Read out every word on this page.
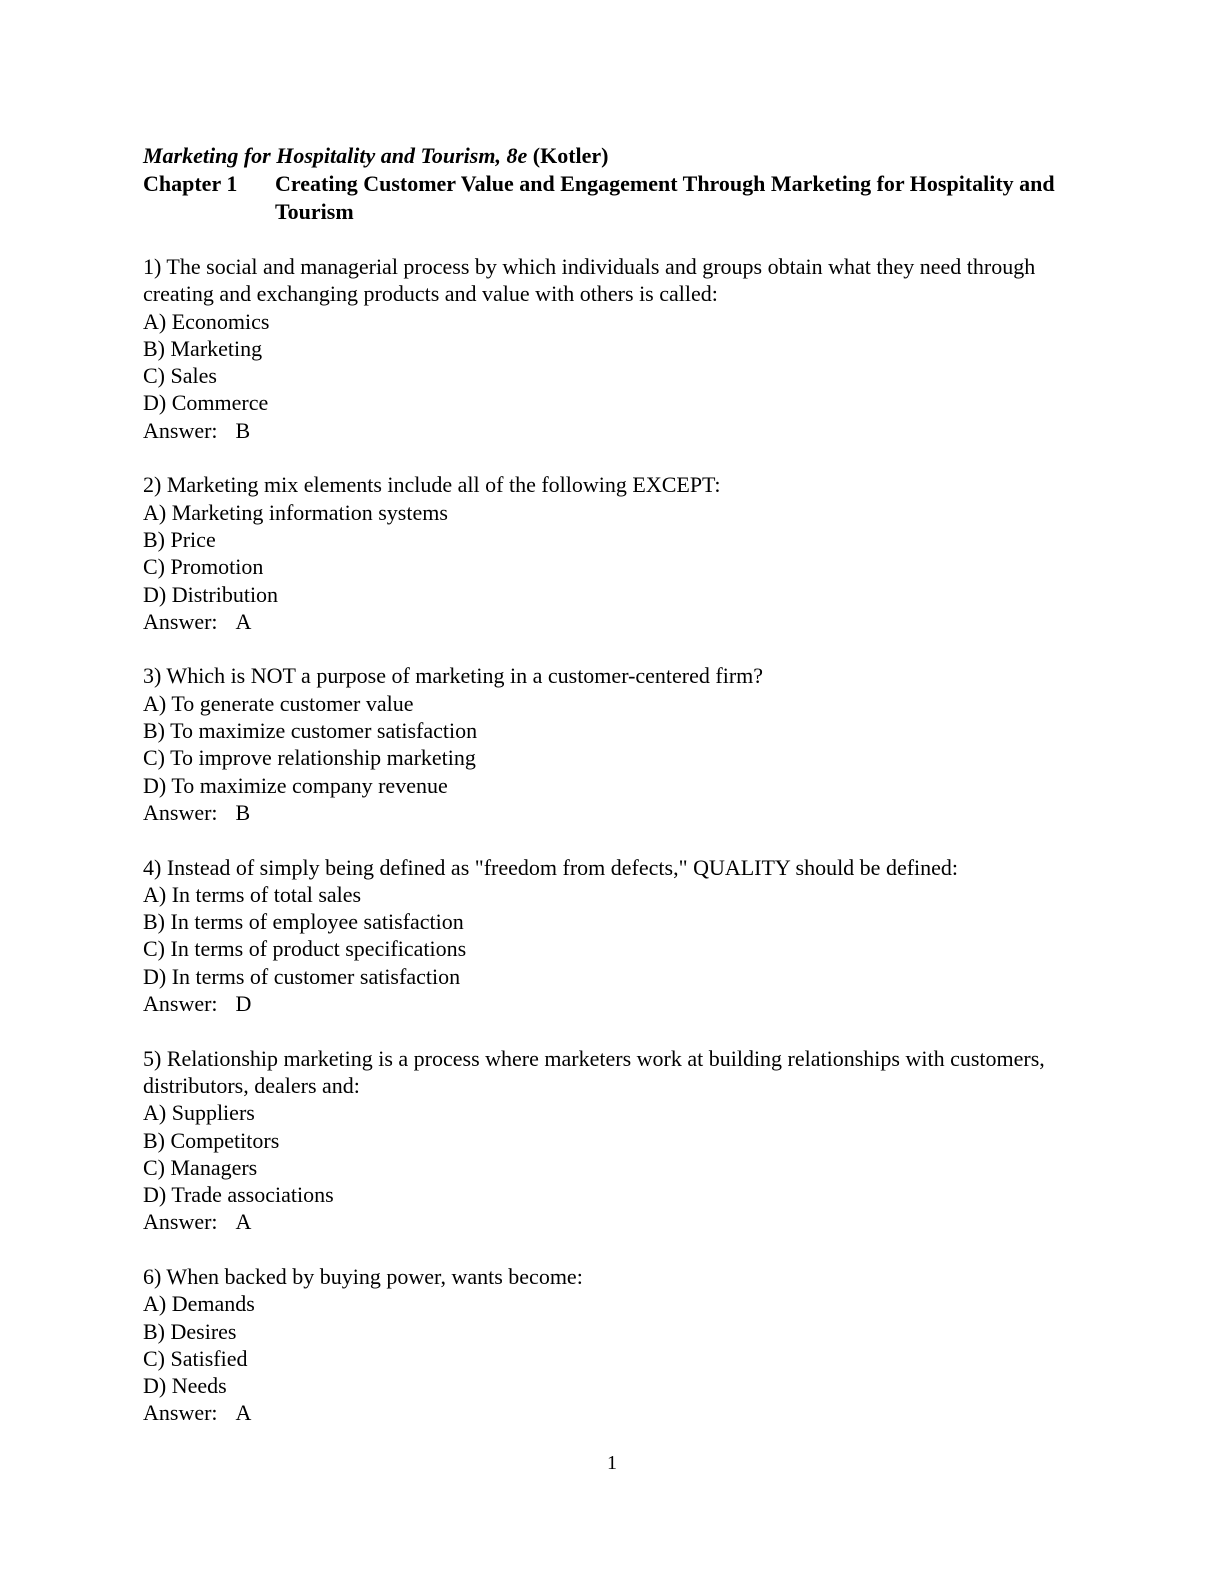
Marketing for Hospitality and Tourism, 8e (Kotler)
Chapter 1	Creating Customer Value and Engagement Through Marketing for Hospitality and Tourism
1) The social and managerial process by which individuals and groups obtain what they need through creating and exchanging products and value with others is called:
A) Economics
B) Marketing
C) Sales
D) Commerce
Answer: B
2) Marketing mix elements include all of the following EXCEPT:
A) Marketing information systems
B) Price
C) Promotion
D) Distribution
Answer: A
3) Which is NOT a purpose of marketing in a customer-centered firm?
A) To generate customer value
B) To maximize customer satisfaction
C) To improve relationship marketing
D) To maximize company revenue
Answer: B
4) Instead of simply being defined as "freedom from defects," QUALITY should be defined:
A) In terms of total sales
B) In terms of employee satisfaction
C) In terms of product specifications
D) In terms of customer satisfaction
Answer: D
5) Relationship marketing is a process where marketers work at building relationships with customers, distributors, dealers and:
A) Suppliers
B) Competitors
C) Managers
D) Trade associations
Answer: A
6) When backed by buying power, wants become:
A) Demands
B) Desires
C) Satisfied
D) Needs
Answer: A
1
